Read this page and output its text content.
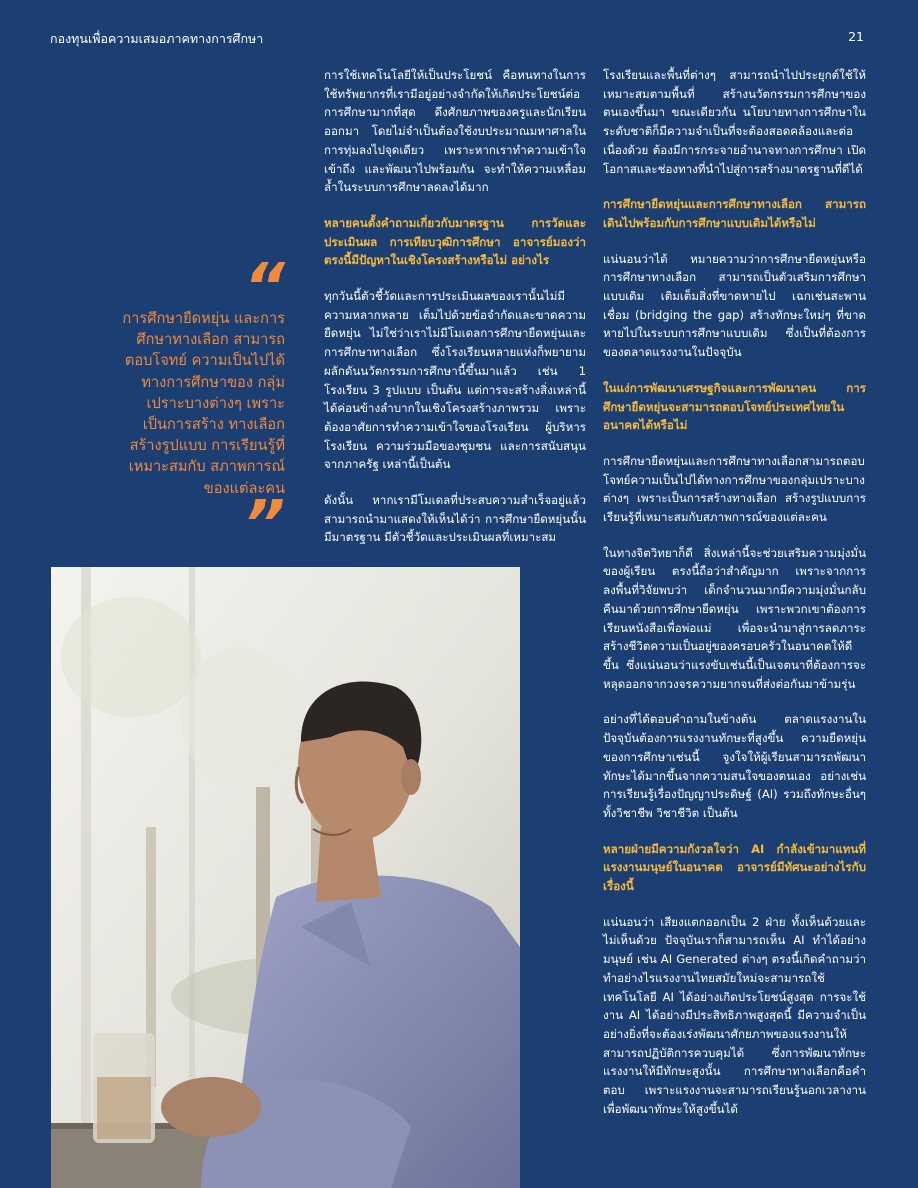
กองทุนเพื่อความเสมอภาคทางการศึกษา	21
“
การศึกษายืดหยุ่น และการศึกษาทางเลือก สามารถตอบโจทย์ ความเป็นไปได้ ทางการศึกษาของ กลุ่มเปราะบางต่างๆ เพราะเป็นการสร้าง ทางเลือก สร้างรูปแบบ การเรียนรู้ที่เหมาะสมกับ สภาพการณ์ของแต่ละคน
”

การใช้เทคโนโลยีให้เป็นประโยชน์ คือหนทางในการใช้ทรัพยากรที่เรามีอยู่อย่างจำกัดให้เกิดประโยชน์ต่อการศึกษามากที่สุด ดึงศักยภาพของครูและนักเรียนออกมา โดยไม่จำเป็นต้องใช้งบประมาณมหาศาลในการทุ่มลงไปจุดเดียว เพราะหากเราทำความเข้าใจ เข้าถึง และพัฒนาไปพร้อมกัน จะทำให้ความเหลื่อมล้ำในระบบการศึกษาลดลงได้มาก

หลายคนตั้งคำถามเกี่ยวกับมาตรฐาน การวัดและประเมินผล การเทียบวุฒิการศึกษา อาจารย์มองว่าตรงนี้มีปัญหาในเชิงโครงสร้างหรือไม่ อย่างไร

ทุกวันนี้ตัวชี้วัดและการประเมินผลของเรานั้นไม่มีความหลากหลาย เต็มไปด้วยข้อจำกัดและขาดความยืดหยุ่น ไม่ใช่ว่าเราไม่มีโมเดลการศึกษายืดหยุ่นและการศึกษาทางเลือก ซึ่งโรงเรียนหลายแห่งก็พยายามผลักดันนวัตกรรมการศึกษานี้ขึ้นมาแล้ว เช่น 1 โรงเรียน 3 รูปแบบ เป็นต้น แต่การจะสร้างสิ่งเหล่านี้ได้ค่อนข้างลำบากในเชิงโครงสร้างภาพรวม เพราะต้องอาศัยการทำความเข้าใจของโรงเรียน ผู้บริหารโรงเรียน ความร่วมมือของชุมชน และการสนับสนุนจากภาครัฐ เหล่านี้เป็นต้น

ดังนั้น หากเรามีโมเดลที่ประสบความสำเร็จอยู่แล้ว สามารถนำมาแสดงให้เห็นได้ว่า การศึกษายืดหยุ่นนั้นมีมาตรฐาน มีตัวชี้วัดและประเมินผลที่เหมาะสม

โรงเรียนและพื้นที่ต่างๆ สามารถนำไปประยุกต์ใช้ให้เหมาะสมตามพื้นที่ สร้างนวัตกรรมการศึกษาของตนเองขึ้นมา ขณะเดียวกัน นโยบายทางการศึกษาในระดับชาติก็มีความจำเป็นที่จะต้องสอดคล้องและต่อเนื่องด้วย ต้องมีการกระจายอำนาจทางการศึกษา เปิดโอกาสและช่องทางที่นำไปสู่การสร้างมาตรฐานที่ดีได้

การศึกษายืดหยุ่นและการศึกษาทางเลือก สามารถเดินไปพร้อมกับการศึกษาแบบเดิมได้หรือไม่

แน่นอนว่าได้ หมายความว่าการศึกษายืดหยุ่นหรือการศึกษาทางเลือก สามารถเป็นตัวเสริมการศึกษาแบบเดิม เติมเต็มสิ่งที่ขาดหายไป เฉกเช่นสะพานเชื่อม (bridging the gap) สร้างทักษะใหม่ๆ ที่ขาดหายไปในระบบการศึกษาแบบเดิม ซึ่งเป็นที่ต้องการของตลาดแรงงานในปัจจุบัน

ในแง่การพัฒนาเศรษฐกิจและการพัฒนาคน การศึกษายืดหยุ่นจะสามารถตอบโจทย์ประเทศไทยในอนาคตได้หรือไม่

การศึกษายืดหยุ่นและการศึกษาทางเลือกสามารถตอบโจทย์ความเป็นไปได้ทางการศึกษาของกลุ่มเปราะบางต่างๆ เพราะเป็นการสร้างทางเลือก สร้างรูปแบบการเรียนรู้ที่เหมาะสมกับสภาพการณ์ของแต่ละคน

ในทางจิตวิทยาก็ดี สิ่งเหล่านี้จะช่วยเสริมความมุ่งมั่นของผู้เรียน ตรงนี้ถือว่าสำคัญมาก เพราะจากการลงพื้นที่วิจัยพบว่า เด็กจำนวนมากมีความมุ่งมั่นกลับคืนมาด้วยการศึกษายืดหยุ่น เพราะพวกเขาต้องการเรียนหนังสือเพื่อพ่อแม่ เพื่อจะนำมาสู่การลดภาระสร้างชีวิตความเป็นอยู่ของครอบครัวในอนาคตให้ดีขึ้น ซึ่งแน่นอนว่าแรงขับเช่นนี้เป็นเจตนาที่ต้องการจะหลุดออกจากวงจรความยากจนที่ส่งต่อกันมาข้ามรุ่น

อย่างที่ได้ตอบคำถามในข้างต้น ตลาดแรงงานในปัจจุบันต้องการแรงงานทักษะที่สูงขึ้น ความยืดหยุ่นของการศึกษาเช่นนี้ จูงใจให้ผู้เรียนสามารถพัฒนาทักษะได้มากขึ้นจากความสนใจของตนเอง อย่างเช่นการเรียนรู้เรื่องปัญญาประดิษฐ์ (AI) รวมถึงทักษะอื่นๆ ทั้งวิชาชีพ วิชาชีวิต เป็นต้น

หลายฝ่ายมีความกังวลใจว่า AI กำลังเข้ามาแทนที่แรงงานมนุษย์ในอนาคต อาจารย์มีทัศนะอย่างไรกับเรื่องนี้

แน่นอนว่า เสียงแตกออกเป็น 2 ฝ่าย ทั้งเห็นด้วยและไม่เห็นด้วย ปัจจุบันเราก็สามารถเห็น AI ทำได้อย่างมนุษย์ เช่น AI Generated ต่างๆ ตรงนี้เกิดคำถามว่าทำอย่างไรแรงงานไทยสมัยใหม่จะสามารถใช้เทคโนโลยี AI ได้อย่างเกิดประโยชน์สูงสุด การจะใช้งาน AI ได้อย่างมีประสิทธิภาพสูงสุดนี้ มีความจำเป็นอย่างยิ่งที่จะต้องเร่งพัฒนาศักยภาพของแรงงานให้สามารถปฏิบัติการควบคุมได้ ซึ่งการพัฒนาทักษะแรงงานให้มีทักษะสูงนั้น การศึกษาทางเลือกคือคำตอบ เพราะแรงงานจะสามารถเรียนรู้นอกเวลางานเพื่อพัฒนาทักษะให้สูงขึ้นได้
